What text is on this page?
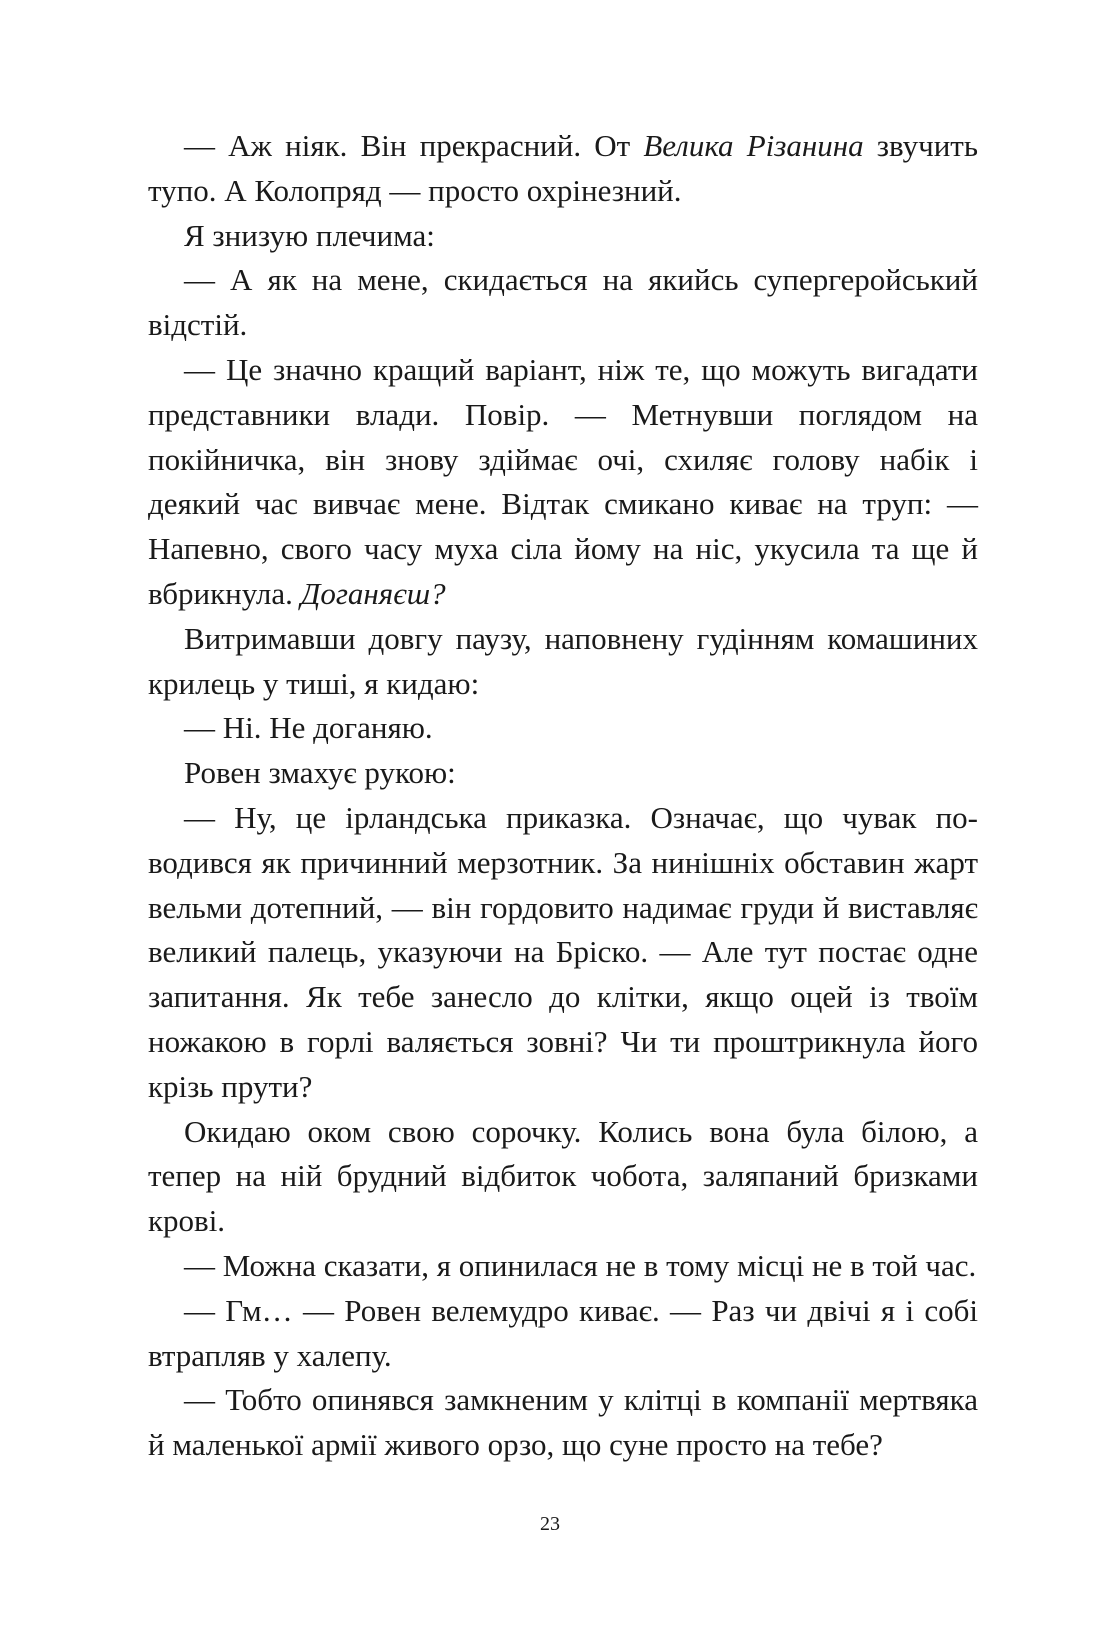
— Аж ніяк. Він прекрасний. От Велика Різанина звучить тупо. А Колопряд — просто охрінезний.

Я знизую плечима:

— А як на мене, скидається на якийсь супергеройський відстій.

— Це значно кращий варіант, ніж те, що можуть вигадати представники влади. Повір. — Метнувши поглядом на покійничка, він знову здіймає очі, схиляє голову набік і деякий час вивчає мене. Відтак смикано киває на труп: — Напевно, свого часу муха сіла йому на ніс, укусила та ще й вбрикнула. Доганяєш?

Витримавши довгу паузу, наповнену гудінням комашиних крилець у тиші, я кидаю:

— Ні. Не доганяю.

Ровен змахує рукою:

— Ну, це ірландська приказка. Означає, що чувак поводився як причинний мерзотник. За нинішніх обставин жарт вельми дотепний, — він гордовито надимає груди й виставляє великий палець, указуючи на Бріско. — Але тут постає одне запитання. Як тебе занесло до клітки, якщо оцей із твоїм ножакою в горлі валяється зовні? Чи ти проштрикнула його крізь прути?

Окидаю оком свою сорочку. Колись вона була білою, а тепер на ній брудний відбиток чобота, заляпаний бризками крові.

— Можна сказати, я опинилася не в тому місці не в той час.

— Гм… — Ровен велемудро киває. — Раз чи двічі я і собі втрапляв у халепу.

— Тобто опинявся замкненим у клітці в компанії мертвяка й маленької армії живого орзо, що суне просто на тебе?

23
